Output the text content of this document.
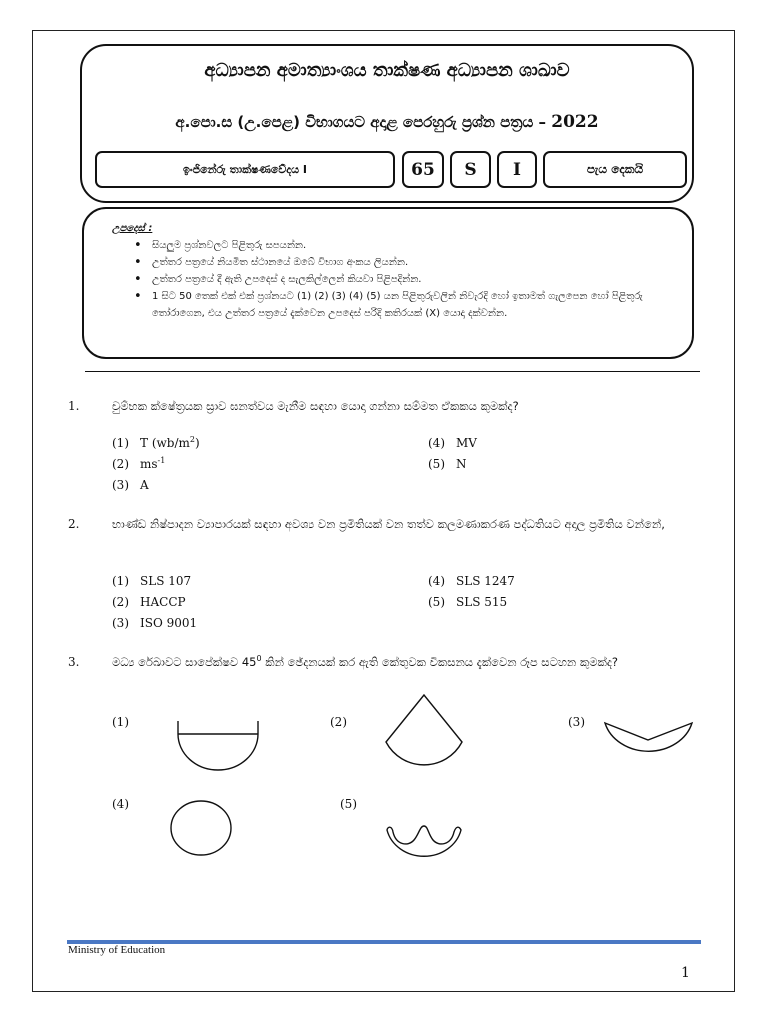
අධ්‍යාපන අමාත්‍යාංශය තාක්ෂණ අධ්‍යාපන ශාඛාව
අ.පො.ස (උ.පෙළ) විභාගයට අදාළ පෙරහුරු ප්‍රශ්න පත්‍රය – 2022
ඉංජිනේරු තාක්ෂණවේදය I	65	S	I	පැය දෙකයි
උපදෙස් :
• සියලුම ප්‍රශ්නවලට පිළිතුරු සපයන්න.
• උත්තර පත්‍රයේ නියමිත ස්ථානයේ ඔබේ විභාග අංකය ලියන්න.
• උත්තර පත්‍රයේ දී ඇති උපදෙස් ද සැලකිල්ලෙන් කියවා පිළිපදින්න.
• 1 සිට 50 තෙක් එක් එක් ප්‍රශ්නයට (1) (2) (3) (4) (5) යන පිළිතුරුවලින් නිවැරදි හෝ ඉතාමත් ගැලපෙන හෝ පිළිතුරු තෝරාගෙන, එය උත්තර පත්‍රයේ දැක්වෙන උපදෙස් පරිදි කතිරයක් (X) යොදා දක්වන්න.
1.	චුම්භක ක්ෂේත්‍රයක ස්‍රාව ඝනත්වය මැනීම සඳහා යොදා ගන්නා සම්මත ඒකකය කුමක්ද?
(1) T $(wb/m^2)$
(2) $ms^{-1}$
(3) A
(4) MV
(5) N
2.	භාණ්ඩ නිෂ්පාදන ව්‍යාපාරයක් සඳහා අවශ්‍ය වන ප්‍රමිතියක් වන තත්ව කලමණාකරණ පද්ධතියට අදාල ප්‍රමිතිය වන්නේ,
(1) SLS 107
(2) HACCP
(3) ISO 9001
(4) SLS 1247
(5) SLS 515
3.	මධ්‍ය රේඛාවට සාපේක්ෂව $45^0$ කින් ඡේදනයක් කර ඇති කේතුවක විකසනය දැක්වෙන රූප සටහන කුමක්ද?
(1)	(2)	(3)
(4)	(5)
Ministry of Education
1
